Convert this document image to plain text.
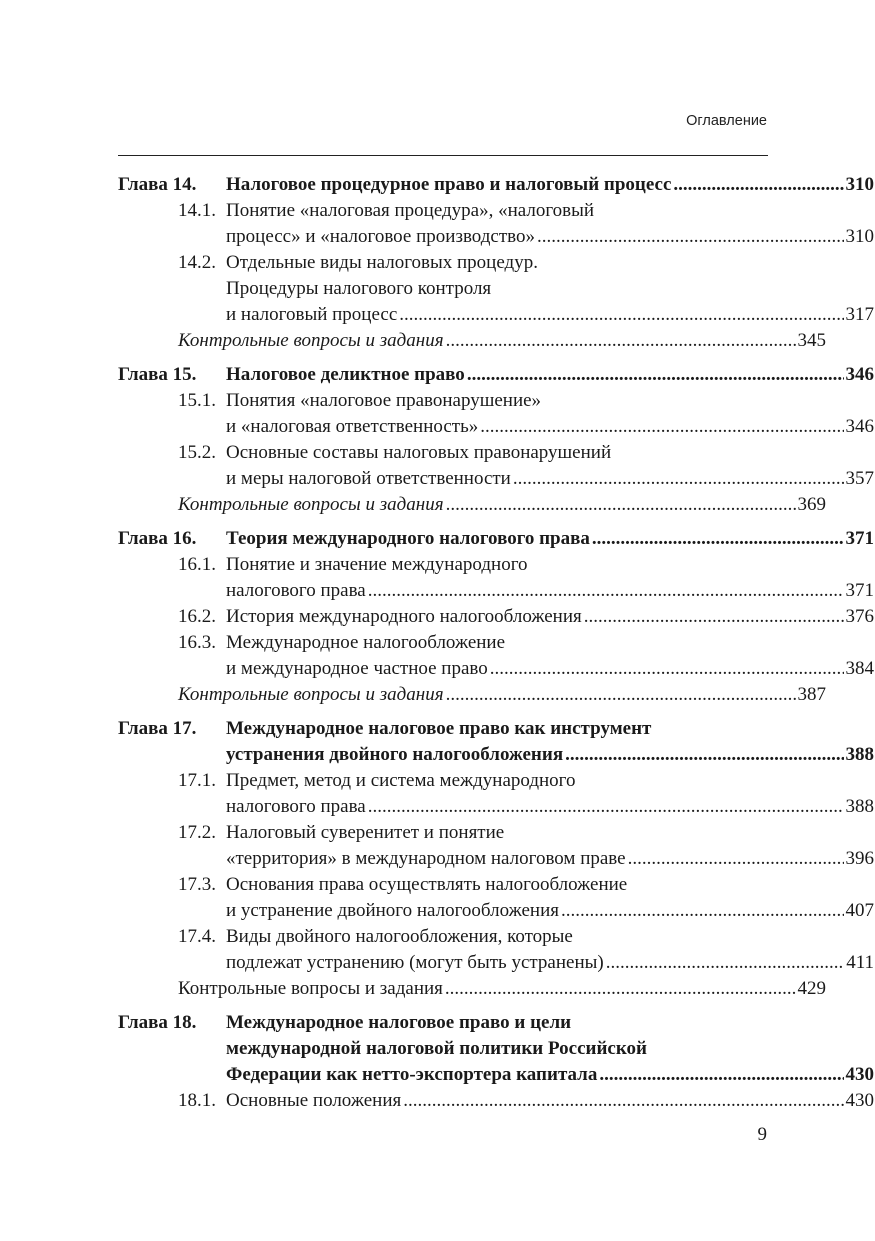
Оглавление
Глава 14. Налоговое процедурное право и налоговый процесс .....	310
14.1. Понятие «налоговая процедура», «налоговый
процесс» и «налоговое производство» .....	310
14.2. Отдельные виды налоговых процедур.
Процедуры налогового контроля
и налоговый процесс .....	317
Контрольные вопросы и задания .....	345
Глава 15. Налоговое деликтное право .....	346
15.1. Понятия «налоговое правонарушение»
и «налоговая ответственность» .....	346
15.2. Основные составы налоговых правонарушений
и меры налоговой ответственности .....	357
Контрольные вопросы и задания .....	369
Глава 16. Теория международного налогового права .....	371
16.1. Понятие и значение международного
налогового права .....	371
16.2. История международного налогообложения .....	376
16.3. Международное налогообложение
и международное частное право .....	384
Контрольные вопросы и задания .....	387
Глава 17. Международное налоговое право как инструмент
устранения двойного налогообложения .....	388
17.1. Предмет, метод и система международного
налогового права .....	388
17.2. Налоговый суверенитет и понятие
«территория» в международном налоговом праве .....	396
17.3. Основания права осуществлять налогообложение
и устранение двойного налогообложения .....	407
17.4. Виды двойного налогообложения, которые
подлежат устранению (могут быть устранены) .....	411
Контрольные вопросы и задания .....	429
Глава 18. Международное налоговое право и цели
международной налоговой политики Российской
Федерации как нетто-экспортера капитала .....	430
18.1. Основные положения .....	430
9
